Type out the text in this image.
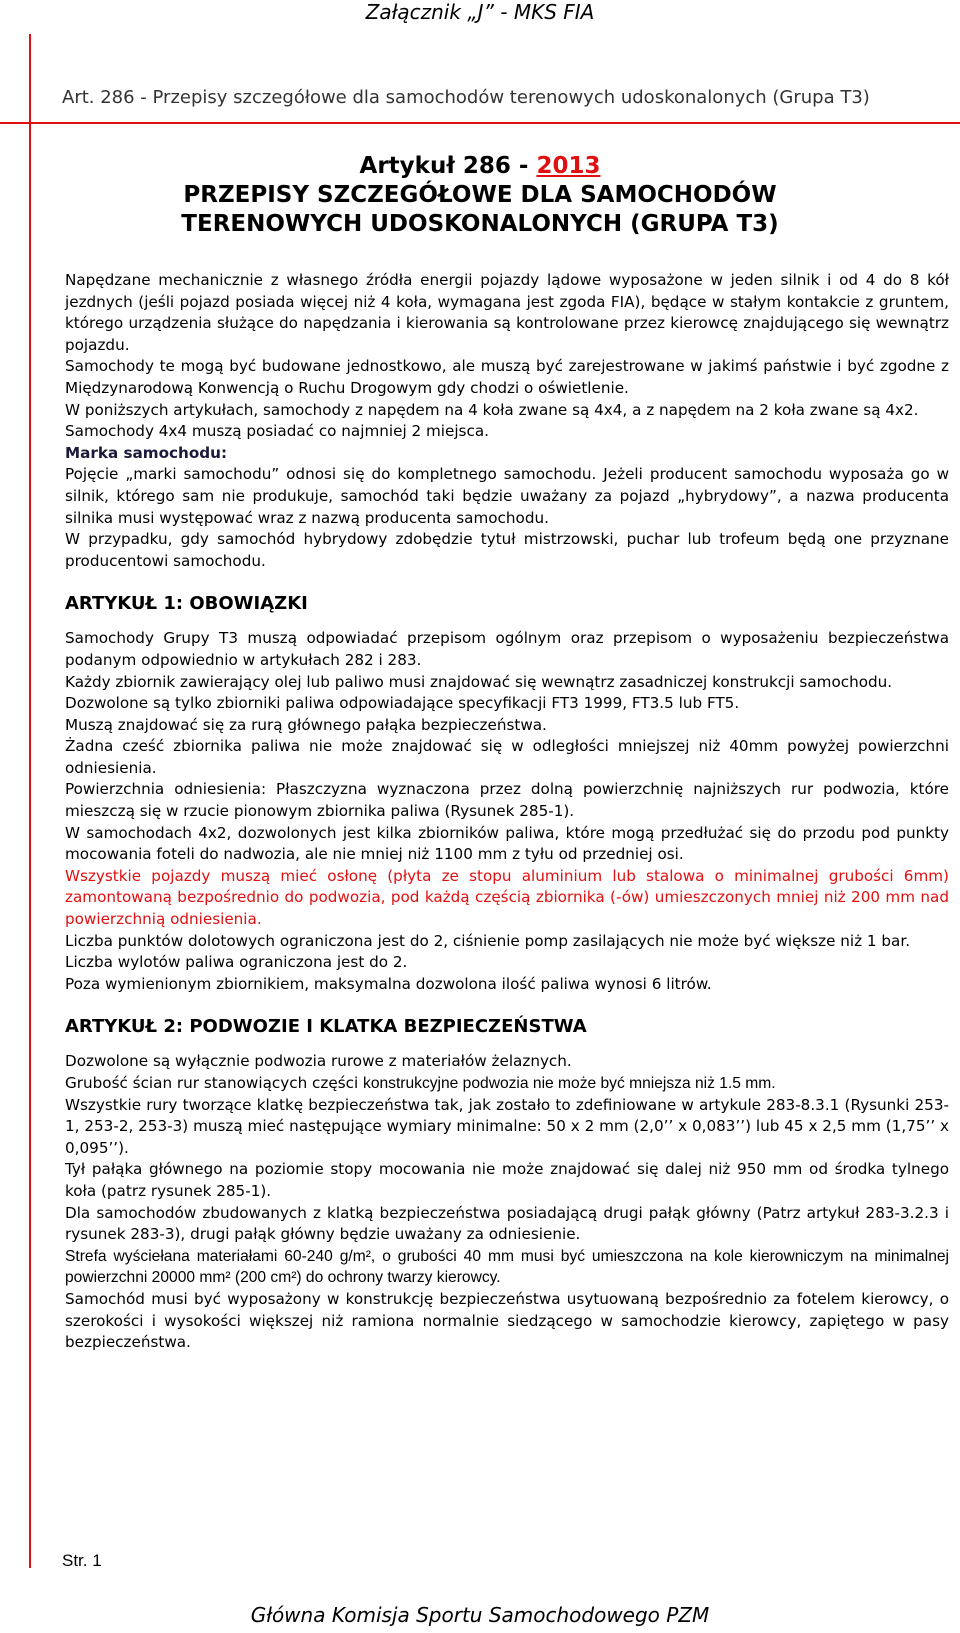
Załącznik „J” - MKS FIA
Art. 286 - Przepisy szczegółowe dla samochodów terenowych udoskonalonych (Grupa T3)
Artykuł 286 - 2013
PRZEPISY SZCZEGÓŁOWE DLA SAMOCHODÓW
TERENOWYCH UDOSKONALONYCH (GRUPA T3)

Napędzane mechanicznie z własnego źródła energii pojazdy lądowe wyposażone w jeden silnik i od 4 do 8 kół jezdnych (jeśli pojazd posiada więcej niż 4 koła, wymagana jest zgoda FIA), będące w stałym kontakcie z gruntem, którego urządzenia służące do napędzania i kierowania są kontrolowane przez kierowcę znajdującego się wewnątrz pojazdu.

Samochody te mogą być budowane jednostkowo, ale muszą być zarejestrowane w jakimś państwie i być zgodne z Międzynarodową Konwencją o Ruchu Drogowym gdy chodzi o oświetlenie.

W poniższych artykułach, samochody z napędem na 4 koła zwane są 4x4, a z napędem na 2 koła zwane są 4x2.

Samochody 4x4 muszą posiadać co najmniej 2 miejsca.

Marka samochodu:

Pojęcie „marki samochodu” odnosi się do kompletnego samochodu. Jeżeli producent samochodu wyposaża go w silnik, którego sam nie produkuje, samochód taki będzie uważany za pojazd „hybrydowy”, a nazwa producenta silnika musi występować wraz z nazwą producenta samochodu.

W przypadku, gdy samochód hybrydowy zdobędzie tytuł mistrzowski, puchar lub trofeum będą one przyznane producentowi samochodu.

ARTYKUŁ 1: OBOWIĄZKI

Samochody Grupy T3 muszą odpowiadać przepisom ogólnym oraz przepisom o wyposażeniu bezpieczeństwa podanym odpowiednio w artykułach 282 i 283.

Każdy zbiornik zawierający olej lub paliwo musi znajdować się wewnątrz zasadniczej konstrukcji samochodu.

Dozwolone są tylko zbiorniki paliwa odpowiadające specyfikacji FT3 1999, FT3.5 lub FT5.

Muszą znajdować się za rurą głównego pałąka bezpieczeństwa.

Żadna cześć zbiornika paliwa nie może znajdować się w odległości mniejszej niż 40mm powyżej powierzchni odniesienia.

Powierzchnia odniesienia: Płaszczyzna wyznaczona przez dolną powierzchnię najniższych rur podwozia, które mieszczą się w rzucie pionowym zbiornika paliwa (Rysunek 285-1).

W samochodach 4x2, dozwolonych jest kilka zbiorników paliwa, które mogą przedłużać się do przodu pod punkty mocowania foteli do nadwozia, ale nie mniej niż 1100 mm z tyłu od przedniej osi.

Wszystkie pojazdy muszą mieć osłonę (płyta ze stopu aluminium lub stalowa o minimalnej grubości 6mm) zamontowaną bezpośrednio do podwozia, pod każdą częścią zbiornika (-ów) umieszczonych mniej niż 200 mm nad powierzchnią odniesienia.

Liczba punktów dolotowych ograniczona jest do 2, ciśnienie pomp zasilających nie może być większe niż 1 bar.

Liczba wylotów paliwa ograniczona jest do 2.

Poza wymienionym zbiornikiem, maksymalna dozwolona ilość paliwa wynosi 6 litrów.

ARTYKUŁ 2: PODWOZIE I KLATKA BEZPIECZEŃSTWA

Dozwolone są wyłącznie podwozia rurowe z materiałów żelaznych.

Grubość ścian rur stanowiących części konstrukcyjne podwozia nie może być mniejsza niż 1.5 mm.

Wszystkie rury tworzące klatkę bezpieczeństwa tak, jak zostało to zdefiniowane w artykule 283-8.3.1 (Rysunki 253-1, 253-2, 253-3) muszą mieć następujące wymiary minimalne: 50 x 2 mm (2,0’’ x 0,083’’) lub 45 x 2,5 mm (1,75’’ x 0,095’’).

Tył pałąka głównego na poziomie stopy mocowania nie może znajdować się dalej niż 950 mm od środka tylnego koła (patrz rysunek 285-1).

Dla samochodów zbudowanych z klatką bezpieczeństwa posiadającą drugi pałąk główny (Patrz artykuł 283-3.2.3 i rysunek 283-3), drugi pałąk główny będzie uważany za odniesienie.

Strefa wyściełana materiałami 60-240 g/m², o grubości 40 mm musi być umieszczona na kole kierowniczym na minimalnej powierzchni 20000 mm² (200 cm²) do ochrony twarzy kierowcy.

Samochód musi być wyposażony w konstrukcję bezpieczeństwa usytuowaną bezpośrednio za fotelem kierowcy, o szerokości i wysokości większej niż ramiona normalnie siedzącego w samochodzie kierowcy, zapiętego w pasy bezpieczeństwa.

Str. 1
Główna Komisja Sportu Samochodowego PZM
